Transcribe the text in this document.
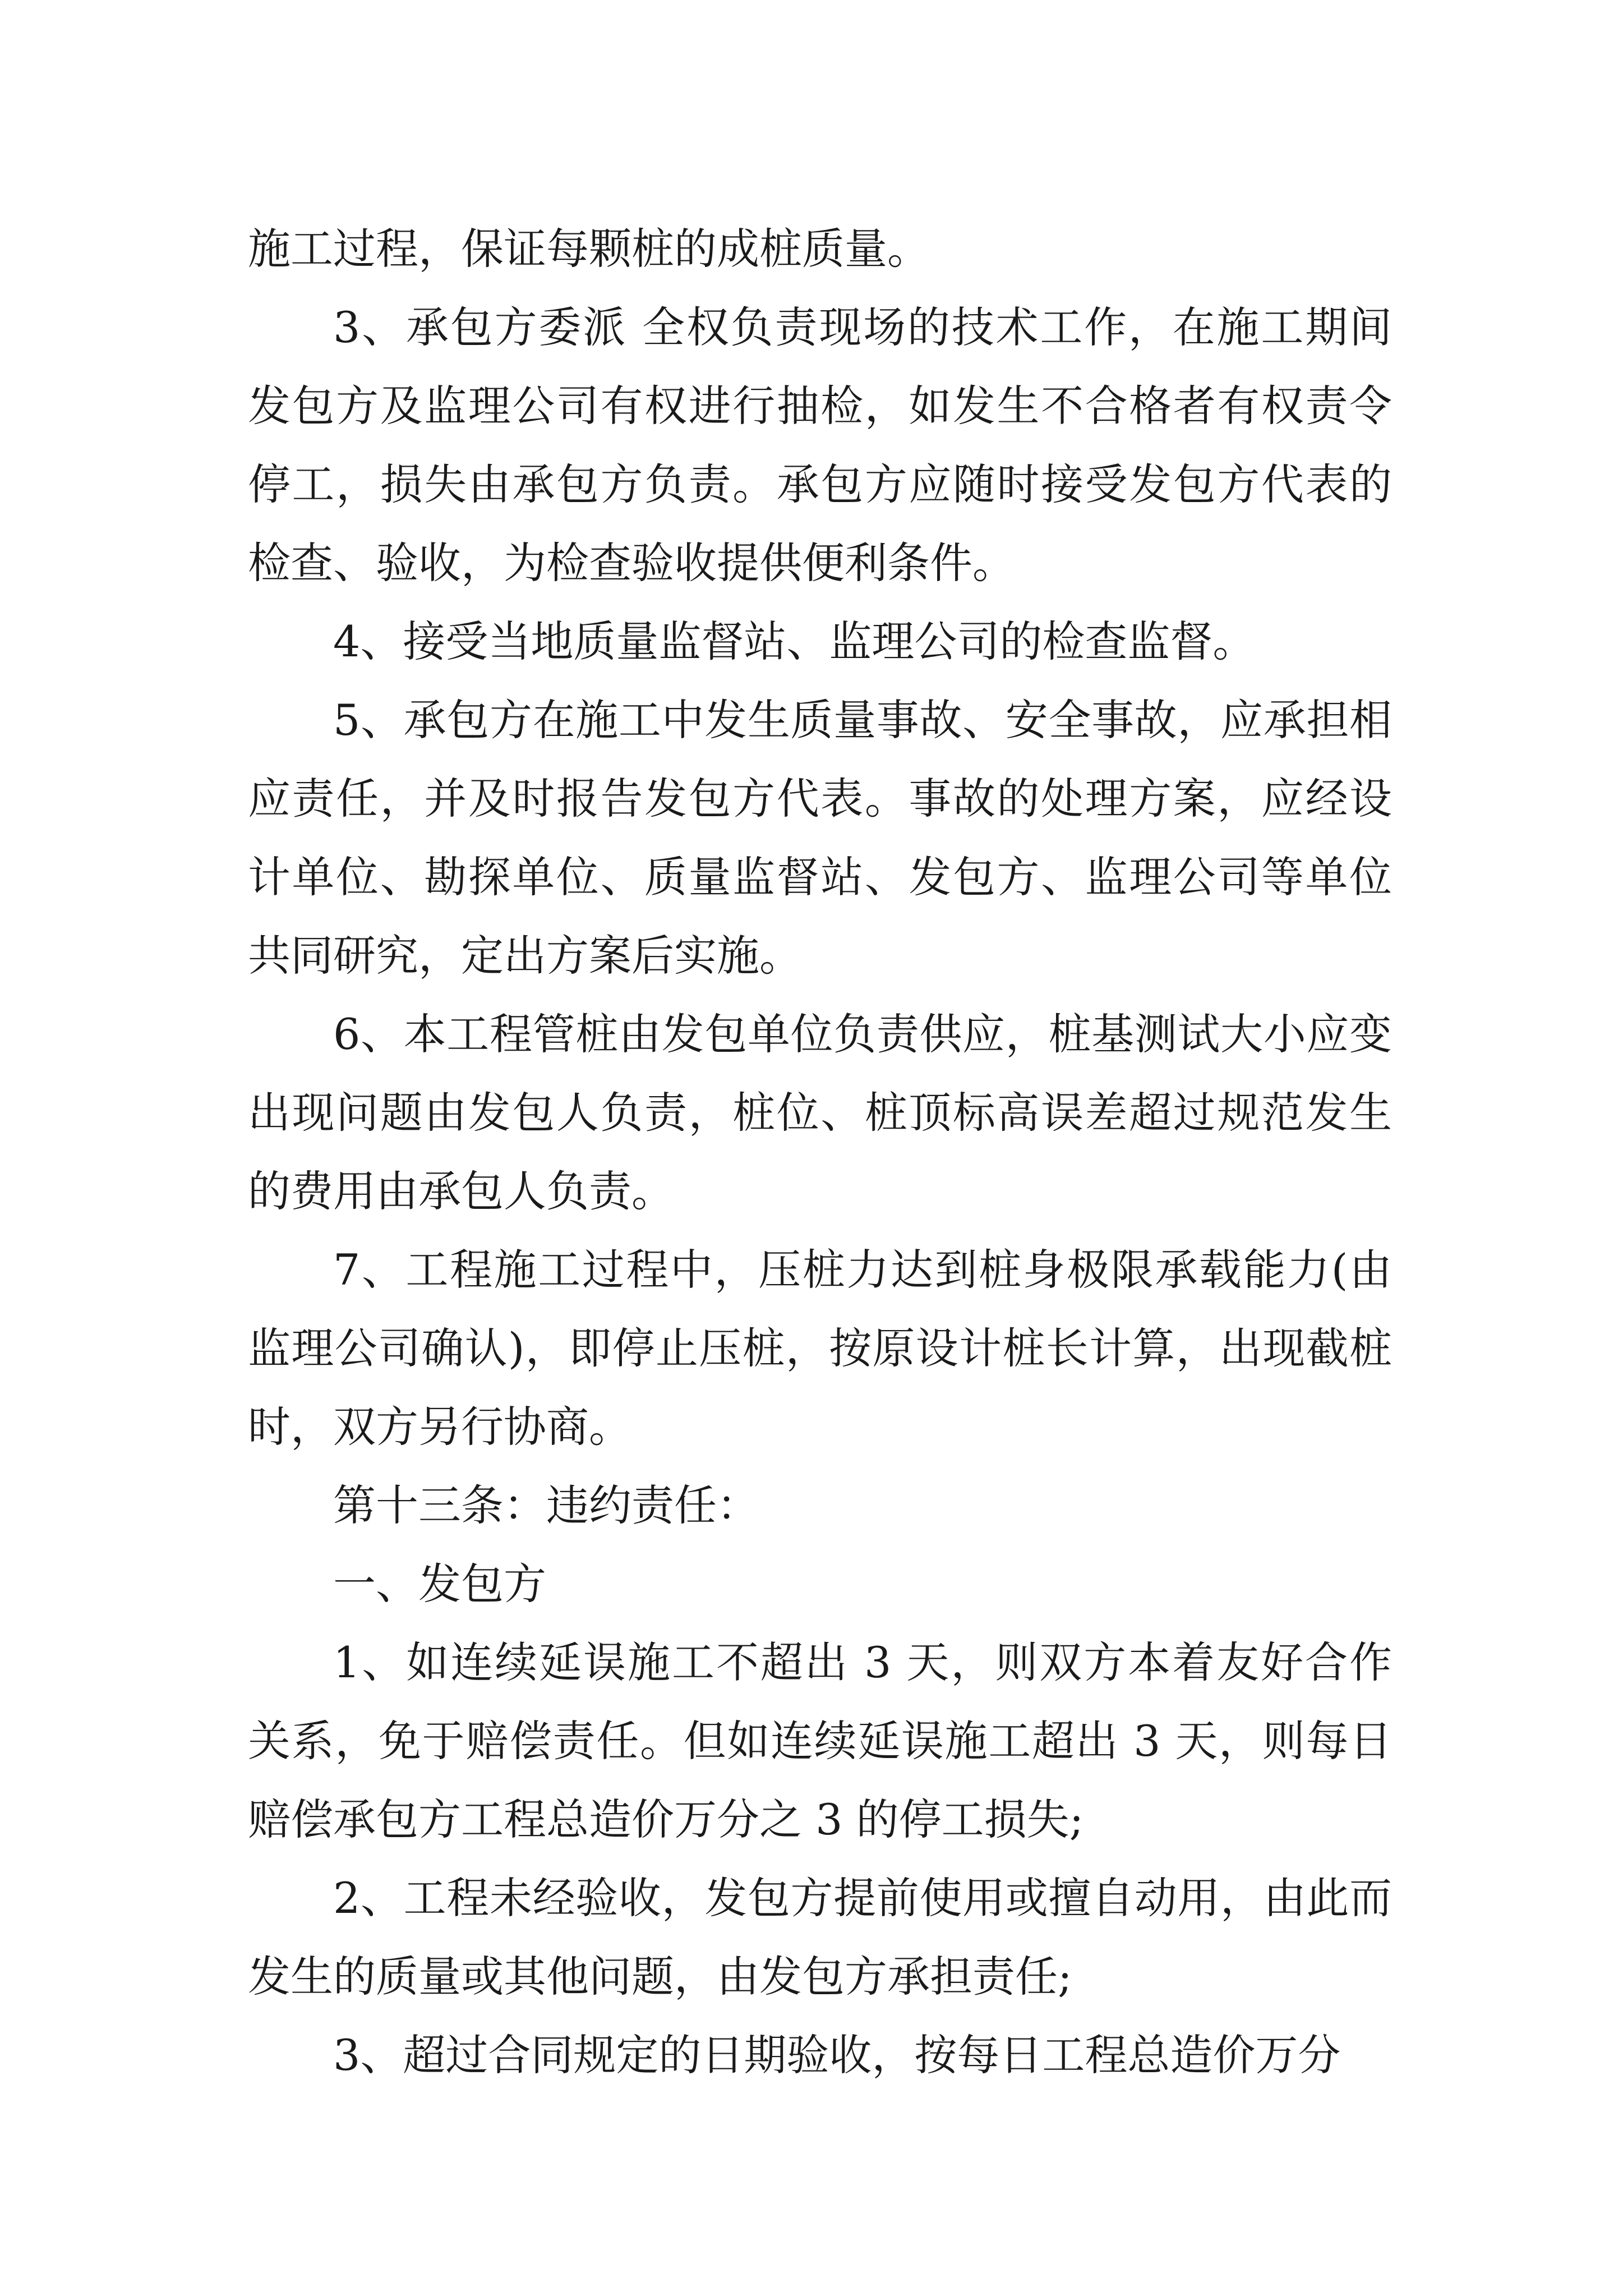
施工过程，保证每颗桩的成桩质量。

3、承包方委派 全权负责现场的技术工作，在施工期间发包方及监理公司有权进行抽检，如发生不合格者有权责令停工，损失由承包方负责。承包方应随时接受发包方代表的检查、验收，为检查验收提供便利条件。

4、接受当地质量监督站、监理公司的检查监督。

5、承包方在施工中发生质量事故、安全事故，应承担相应责任，并及时报告发包方代表。事故的处理方案，应经设计单位、勘探单位、质量监督站、发包方、监理公司等单位共同研究，定出方案后实施。

6、本工程管桩由发包单位负责供应，桩基测试大小应变出现问题由发包人负责，桩位、桩顶标高误差超过规范发生的费用由承包人负责。

7、工程施工过程中，压桩力达到桩身极限承载能力(由监理公司确认)，即停止压桩，按原设计桩长计算，出现截桩时，双方另行协商。

第十三条：违约责任：

一、发包方

1、如连续延误施工不超出 3 天，则双方本着友好合作关系，免于赔偿责任。但如连续延误施工超出 3 天，则每日赔偿承包方工程总造价万分之 3 的停工损失;

2、工程未经验收，发包方提前使用或擅自动用，由此而发生的质量或其他问题，由发包方承担责任;

3、超过合同规定的日期验收，按每日工程总造价万分
